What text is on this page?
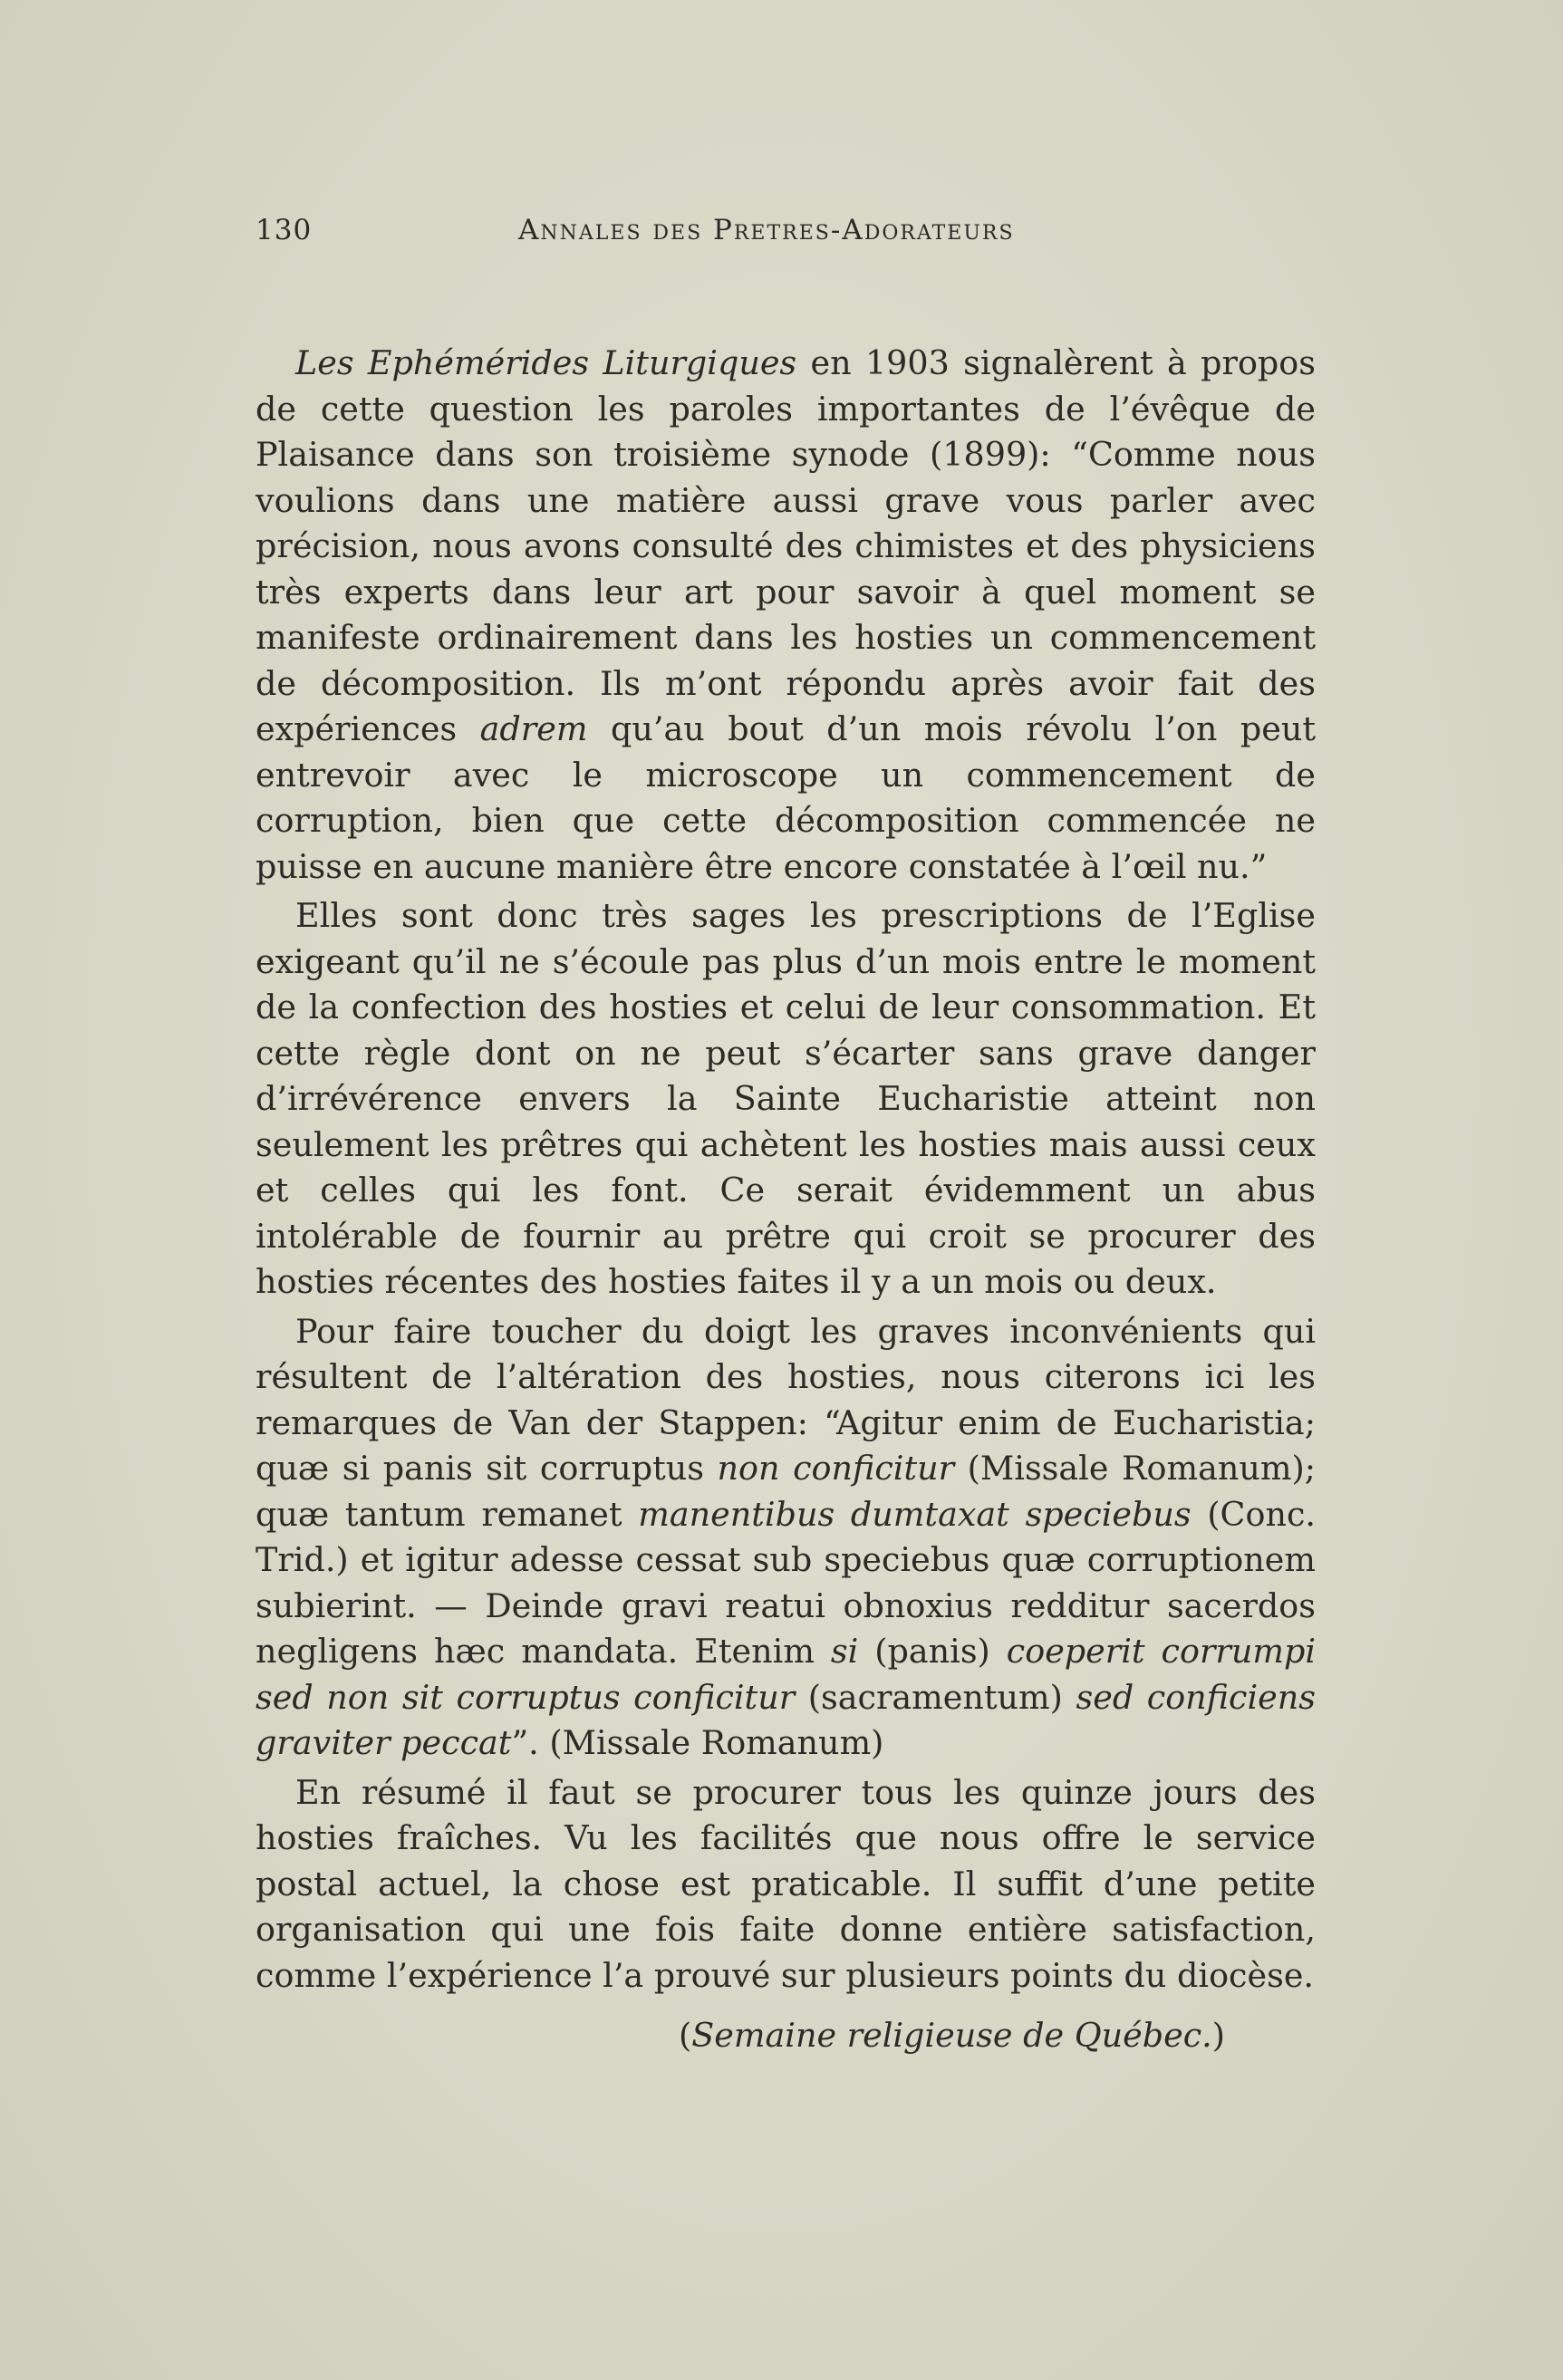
130	Annales des Pretres-Adorateurs

Les Ephémérides Liturgiques en 1903 signalèrent à propos de cette question les paroles importantes de l’évêque de Plaisance dans son troisième synode (1899): “Comme nous voulions dans une matière aussi grave vous parler avec précision, nous avons consulté des chimistes et des physiciens très experts dans leur art pour savoir à quel moment se manifeste ordinairement dans les hosties un commencement de décomposition. Ils m’ont répondu après avoir fait des expériences adrem qu’au bout d’un mois révolu l’on peut entrevoir avec le microscope un commencement de corruption, bien que cette décomposition commencée ne puisse en aucune manière être encore constatée à l’œil nu.”

Elles sont donc très sages les prescriptions de l’Eglise exigeant qu’il ne s’écoule pas plus d’un mois entre le moment de la confection des hosties et celui de leur consommation. Et cette règle dont on ne peut s’écarter sans grave danger d’irrévérence envers la Sainte Eucharistie atteint non seulement les prêtres qui achètent les hosties mais aussi ceux et celles qui les font. Ce serait évidemment un abus intolérable de fournir au prêtre qui croit se procurer des hosties récentes des hosties faites il y a un mois ou deux.

Pour faire toucher du doigt les graves inconvénients qui résultent de l’altération des hosties, nous citerons ici les remarques de Van der Stappen: “Agitur enim de Eucharistia; quæ si panis sit corruptus non conficitur (Missale Romanum); quæ tantum remanet manentibus dumtaxat speciebus (Conc. Trid.) et igitur adesse cessat sub speciebus quæ corruptionem subierint. — Deinde gravi reatui obnoxius redditur sacerdos negligens hæc mandata. Etenim si (panis) coeperit corrumpi sed non sit corruptus conficitur (sacramentum) sed conficiens graviter peccat”. (Missale Romanum)

En résumé il faut se procurer tous les quinze jours des hosties fraîches. Vu les facilités que nous offre le service postal actuel, la chose est praticable. Il suffit d’une petite organisation qui une fois faite donne entière satisfaction, comme l’expérience l’a prouvé sur plusieurs points du diocèse.

(Semaine religieuse de Québec.)
